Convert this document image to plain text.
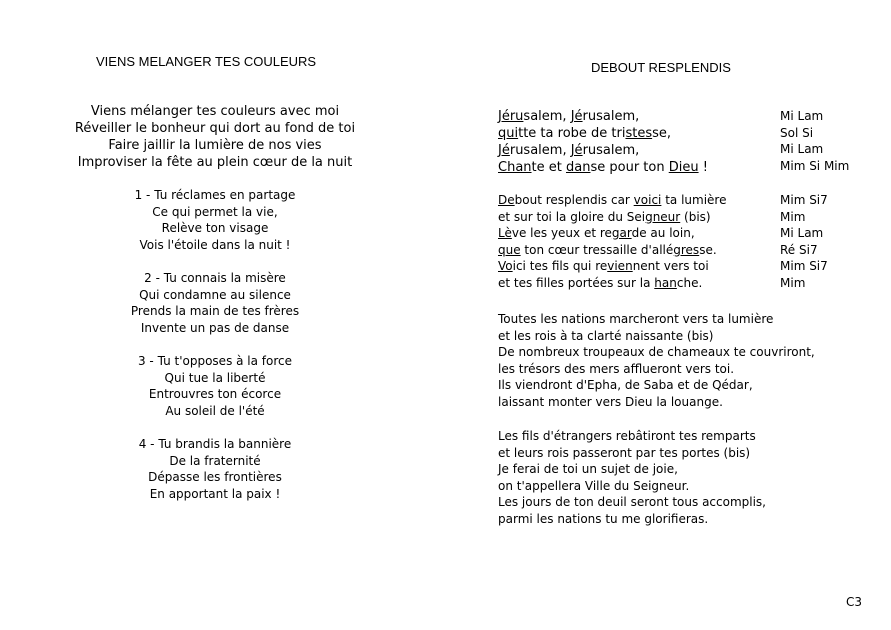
VIENS MELANGER TES COULEURS
Viens mélanger tes couleurs avec moi
Réveiller le bonheur qui dort au fond de toi
Faire jaillir la lumière de nos vies
Improviser la fête au plein cœur de la nuit
1 - Tu réclames en partage
Ce qui permet la vie,
Relève ton visage
Vois l'étoile dans la nuit !
2 - Tu connais la misère
Qui condamne au silence
Prends la main de tes frères
Invente un pas de danse
3 - Tu t'opposes à la force
Qui tue la liberté
Entrouvres ton écorce
Au soleil de l'été
4 - Tu brandis la bannière
De la fraternité
Dépasse les frontières
En apportant la paix !
DEBOUT RESPLENDIS
Jérusalem, Jérusalem,
quitte ta robe de tristesse,
Jérusalem, Jérusalem,
Chante et danse pour ton Dieu !
Mi Lam
Sol Si
Mi Lam
Mim Si Mim
Debout resplendis car voici ta lumière
et sur toi la gloire du Seigneur (bis)
Lève les yeux et regarde au loin,
que ton cœur tressaille d'allégresse.
Voici tes fils qui reviennent vers toi
et tes filles portées sur la hanche.
Mim Si7
Mim
Mi Lam
Ré Si7
Mim Si7
Mim
Toutes les nations marcheront vers ta lumière
et les rois à ta clarté naissante (bis)
De nombreux troupeaux de chameaux te couvriront,
les trésors des mers afflueront vers toi.
Ils viendront d'Epha, de Saba et de Qédar,
laissant monter vers Dieu la louange.
Les fils d'étrangers rebâtiront tes remparts
et leurs rois passeront par tes portes (bis)
Je ferai de toi un sujet de joie,
on t'appellera Ville du Seigneur.
Les jours de ton deuil seront tous accomplis,
parmi les nations tu me glorifieras.
C3
